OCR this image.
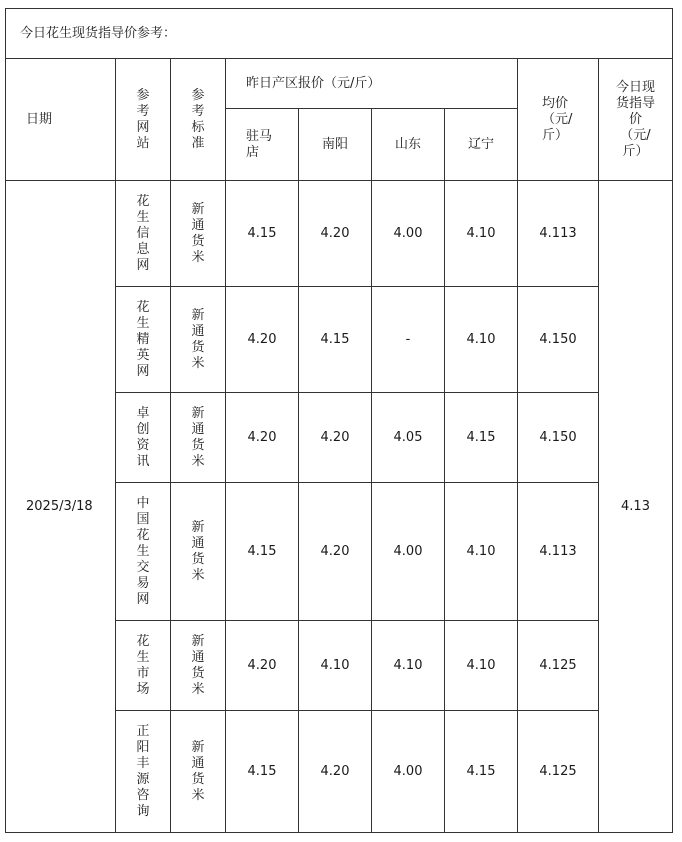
今日花生现货指导价参考：								
日期	参考网站	参考标准	昨日产区报价（元/斤）				均价（元/斤）	今日现货指导价（元/斤）
			驻马店	南阳	山东	辽宁		
2025/3/18	花生信息网	新通货米	4.15	4.20	4.00	4.10	4.113	4.13
	花生精英网	新通货米	4.20	4.15	-	4.10	4.150	
	卓创资讯	新通货米	4.20	4.20	4.05	4.15	4.150	
	中国花生交易网	新通货米	4.15	4.20	4.00	4.10	4.113	
	花生市场	新通货米	4.20	4.10	4.10	4.10	4.125	
	正阳丰源咨询	新通货米	4.15	4.20	4.00	4.15	4.125	
